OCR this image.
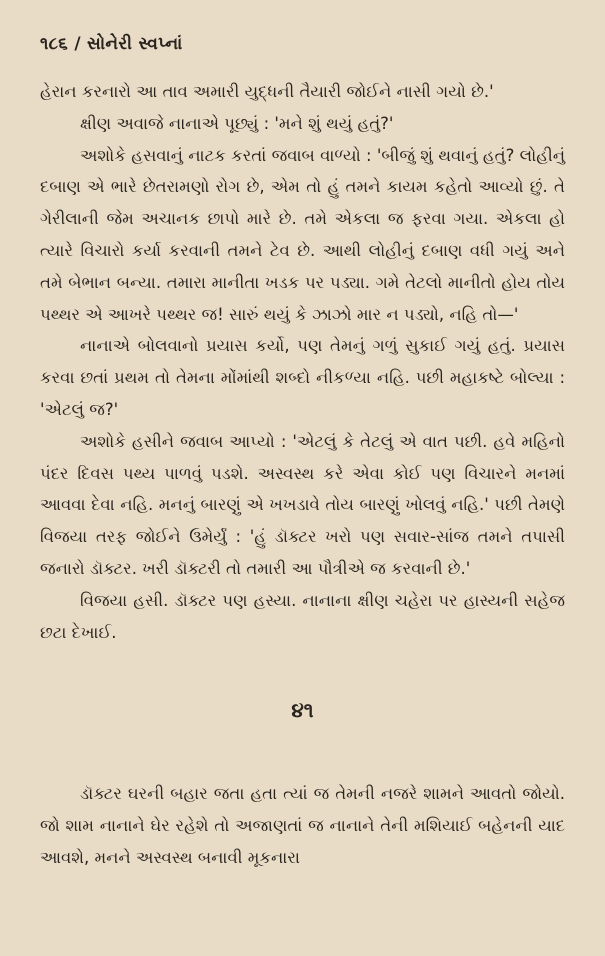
૧૮૬ / સોનેરી સ્વપ્નાં

હેરાન કરનારો આ તાવ અમારી યુદ્ધની તૈયારી જોઈને નાસી ગયો છે.'

ક્ષીણ અવાજે નાનાએ પૂછ્યું : 'મને શું થયું હતું?'

અશોકે હસવાનું નાટક કરતાં જવાબ વાળ્યો : 'બીજું શું થવાનું હતું? લોહીનું દબાણ એ ભારે છેતરામણો રોગ છે, એમ તો હું તમને કાયમ કહેતો આવ્યો છું. તે ગેરીલાની જેમ અચાનક છાપો મારે છે. તમે એકલા જ ફરવા ગયા. એકલા હો ત્યારે વિચારો કર્યા કરવાની તમને ટેવ છે. આથી લોહીનું દબાણ વધી ગયું અને તમે બેભાન બન્યા. તમારા માનીતા ખડક પર પડ્યા. ગમે તેટલો માનીતો હોય તોય પથ્થર એ આખરે પથ્થર જ! સારું થયું કે ઝાઝો માર ન પડ્યો, નહિ તો—'

નાનાએ બોલવાનો પ્રયાસ કર્યો, પણ તેમનું ગળું સુકાઈ ગયું હતું. પ્રયાસ કરવા છતાં પ્રથમ તો તેમના મોંમાંથી શબ્દો નીકળ્યા નહિ. પછી મહાકષ્ટે બોલ્યા : 'એટલું જ?'

અશોકે હસીને જવાબ આપ્યો : 'એટલું કે તેટલું એ વાત પછી. હવે મહિનો પંદર દિવસ પથ્ય પાળવું પડશે. અસ્વસ્થ કરે એવા કોઈ પણ વિચારને મનમાં આવવા દેવા નહિ. મનનું બારણું એ ખખડાવે તોય બારણું ખોલવું નહિ.' પછી તેમણે વિજયા તરફ જોઈને ઉમેર્યું : 'હું ડૉક્ટર ખરો પણ સવાર-સાંજ તમને તપાસી જનારો ડૉક્ટર. ખરી ડૉક્ટરી તો તમારી આ પૌત્રીએ જ કરવાની છે.'

વિજયા હસી. ડૉક્ટર પણ હસ્યા. નાનાના ક્ષીણ ચહેરા પર હાસ્યની સહેજ છટા દેખાઈ.

૪૧

ડૉક્ટર ઘરની બહાર જતા હતા ત્યાં જ તેમની નજરે શામને આવતો જોયો. જો શામ નાનાને ઘેર રહેશે તો અજાણતાં જ નાનાને તેની મશિયાઈ બહેનની યાદ આવશે, મનને અસ્વસ્થ બનાવી મૂકનારા
